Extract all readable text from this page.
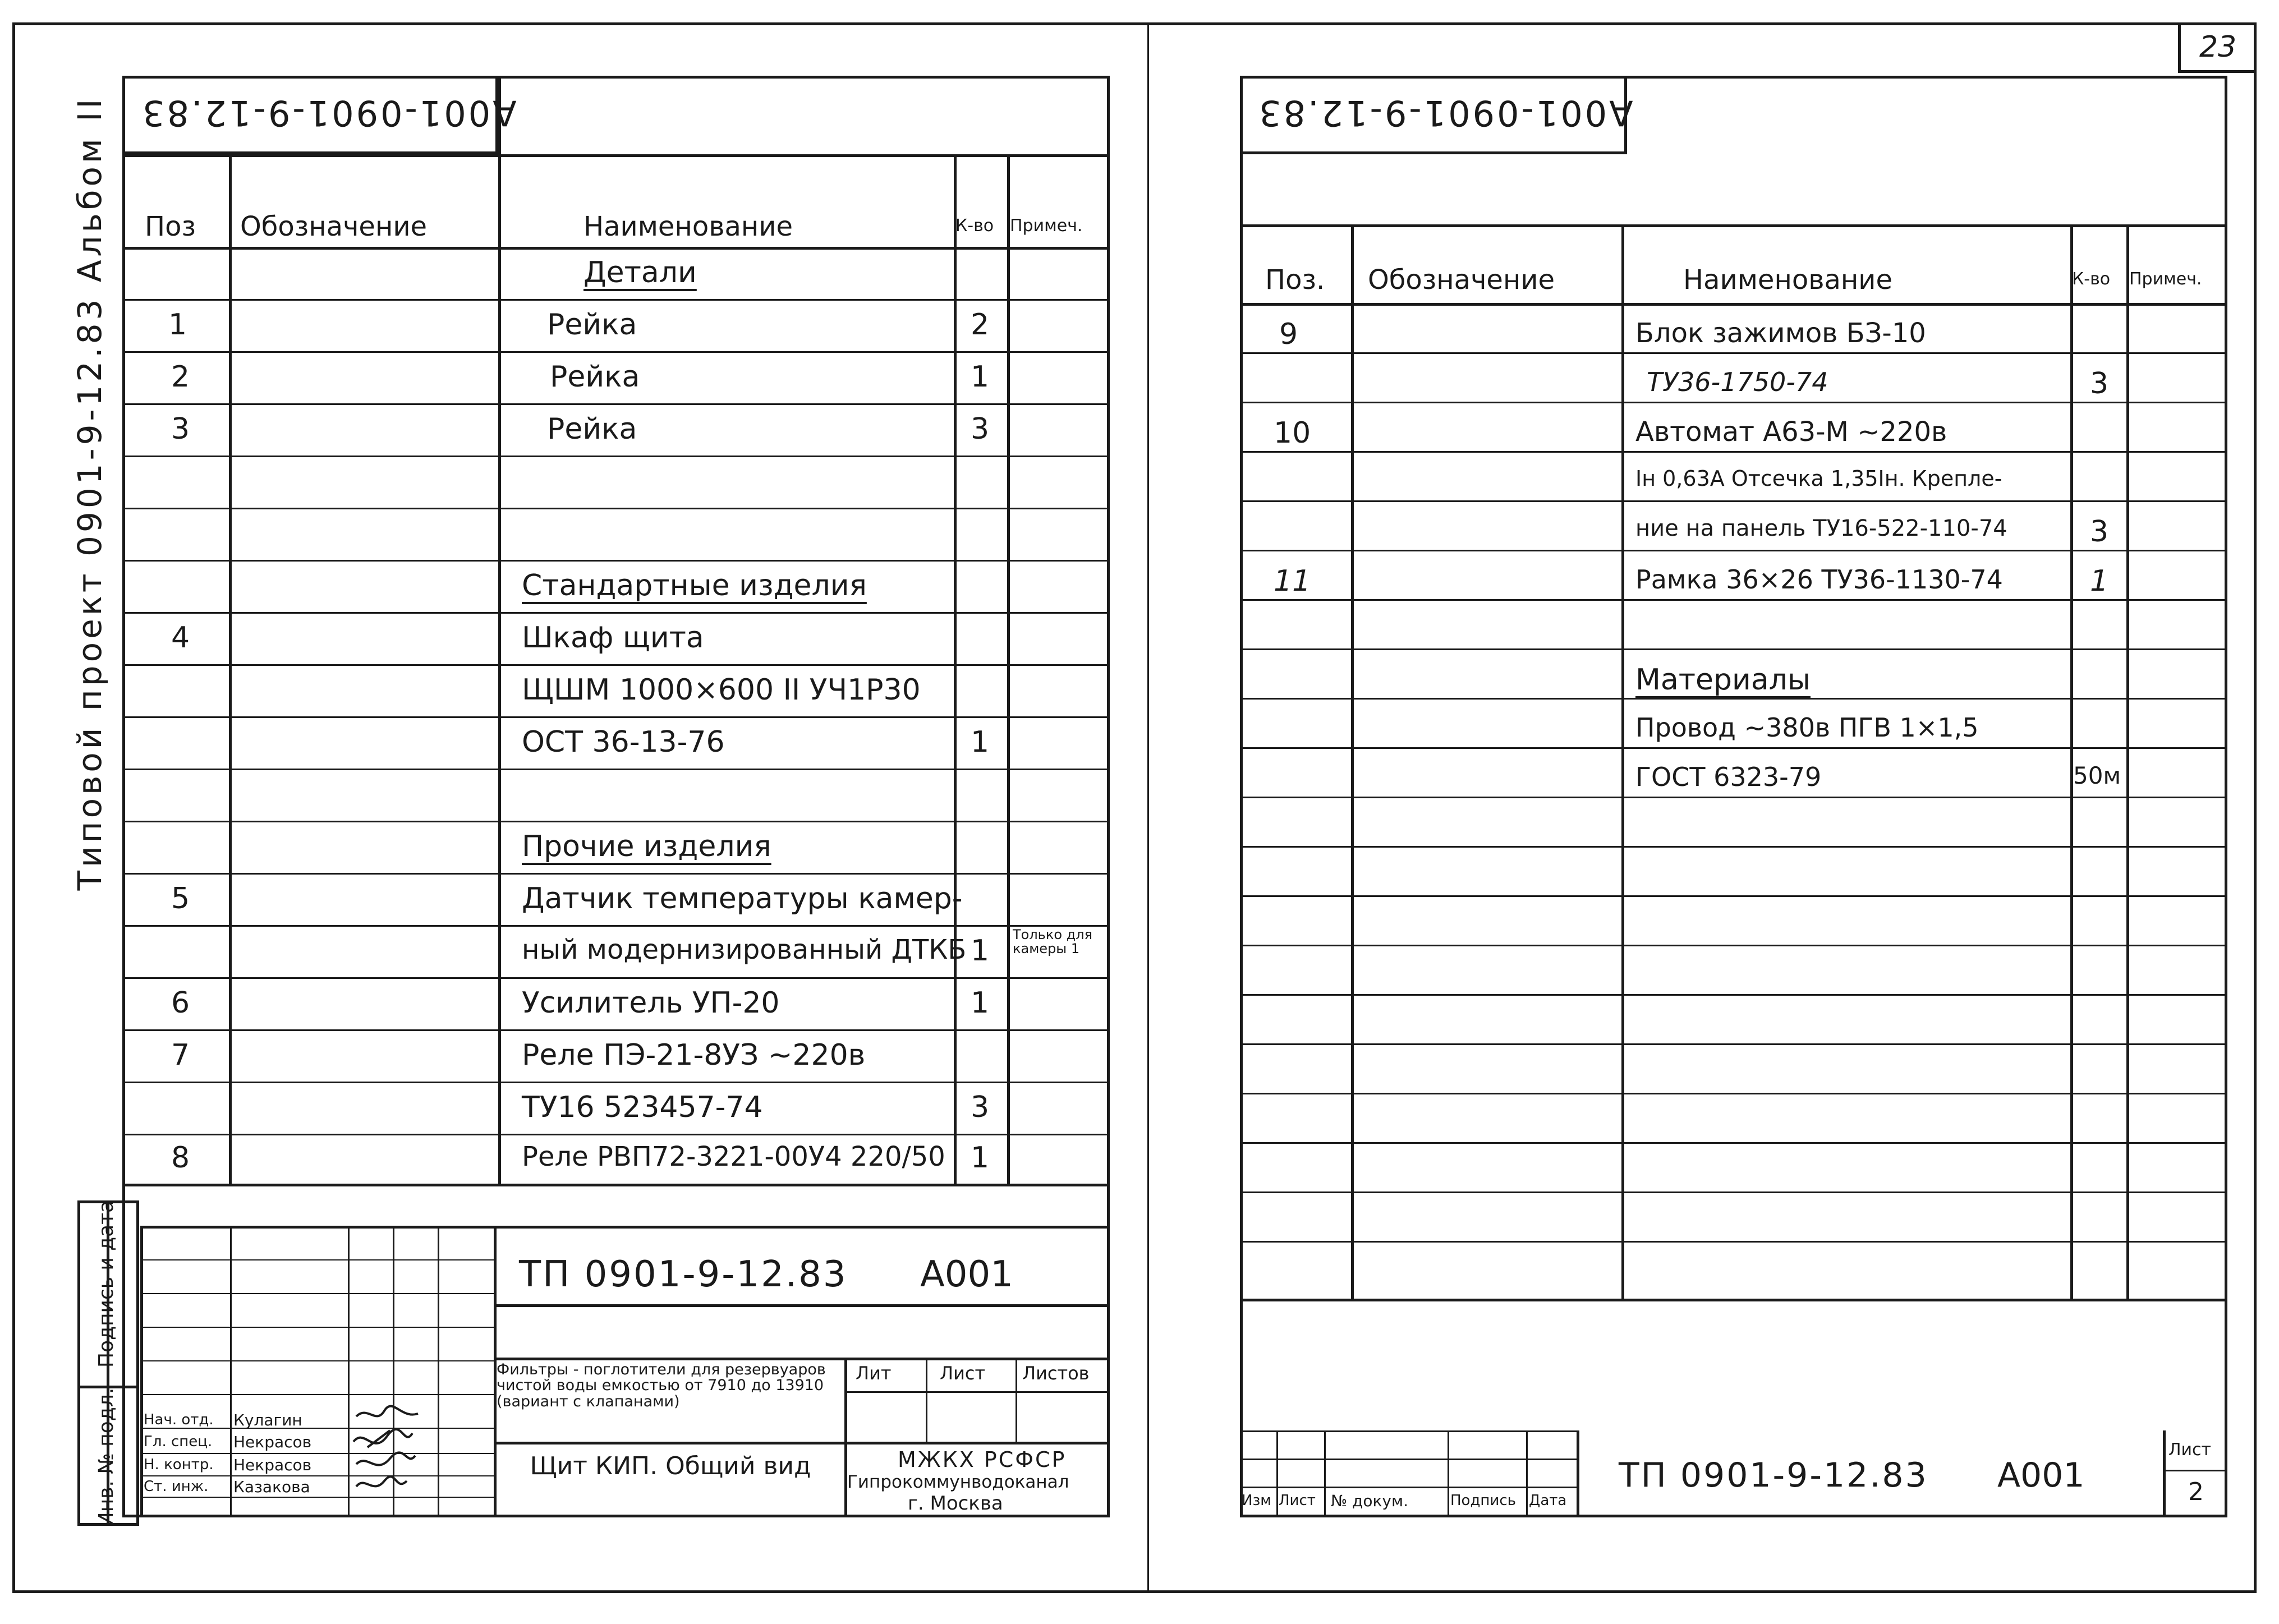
23
Типовой проект 0901-9-12.83 Альбом II
Инв. № подл.
Подпись и дата
А001-0901-9-12.83
Поз Обозначение	Наименование	К-во Примеч.
Детали
1	Рейка	2
2	Рейка	1
3	Рейка	3
Стандартные изделия
4	Шкаф щита
ЩШМ 1000×600 II УЧ1Р30
ОСТ 36-13-76	1
Прочие изделия
5	Датчик температуры камер-
ный модернизированный ДТКБ 1 Только для камеры 1
6	Усилитель УП-20	1
7	Реле ПЭ-21-8УЗ ~220в
ТУ16 523457-74	3
8	Реле РВП72-3221-00У4 220/50 1
Нач. отд. Кулагин
Гл. спец. Некрасов
Н. контр. Некрасов
Ст. инж. Казакова
ТП 0901-9-12.83 А001
Лит	Лист Листов
Фильтры - поглотители для резервуаров чистой воды емкостью от 7910 до 13910 (вариант с клапанами)
Щит КИП. Общий вид	МЖКХ РСФСР
Гипрокоммунводоканал
г. Москва
А001-0901-9-12.83
Поз. Обозначение	Наименование	К-во Примеч.
9	Блок зажимов БЗ-10
ТУ36-1750-74	3
10	Автомат А63-М ~220в
Iн 0,63А Отсечка 1,35Iн. Крепле-
ние на панель ТУ16-522-110-74	3
11	Рамка 36×26 ТУ36-1130-74	1
Материалы
Провод ~380в ПГВ 1×1,5
ГОСТ 6323-79	50м
Изм Лист № докум.	Подпись Дата
ТП 0901-9-12.83 А001
Лист
2
